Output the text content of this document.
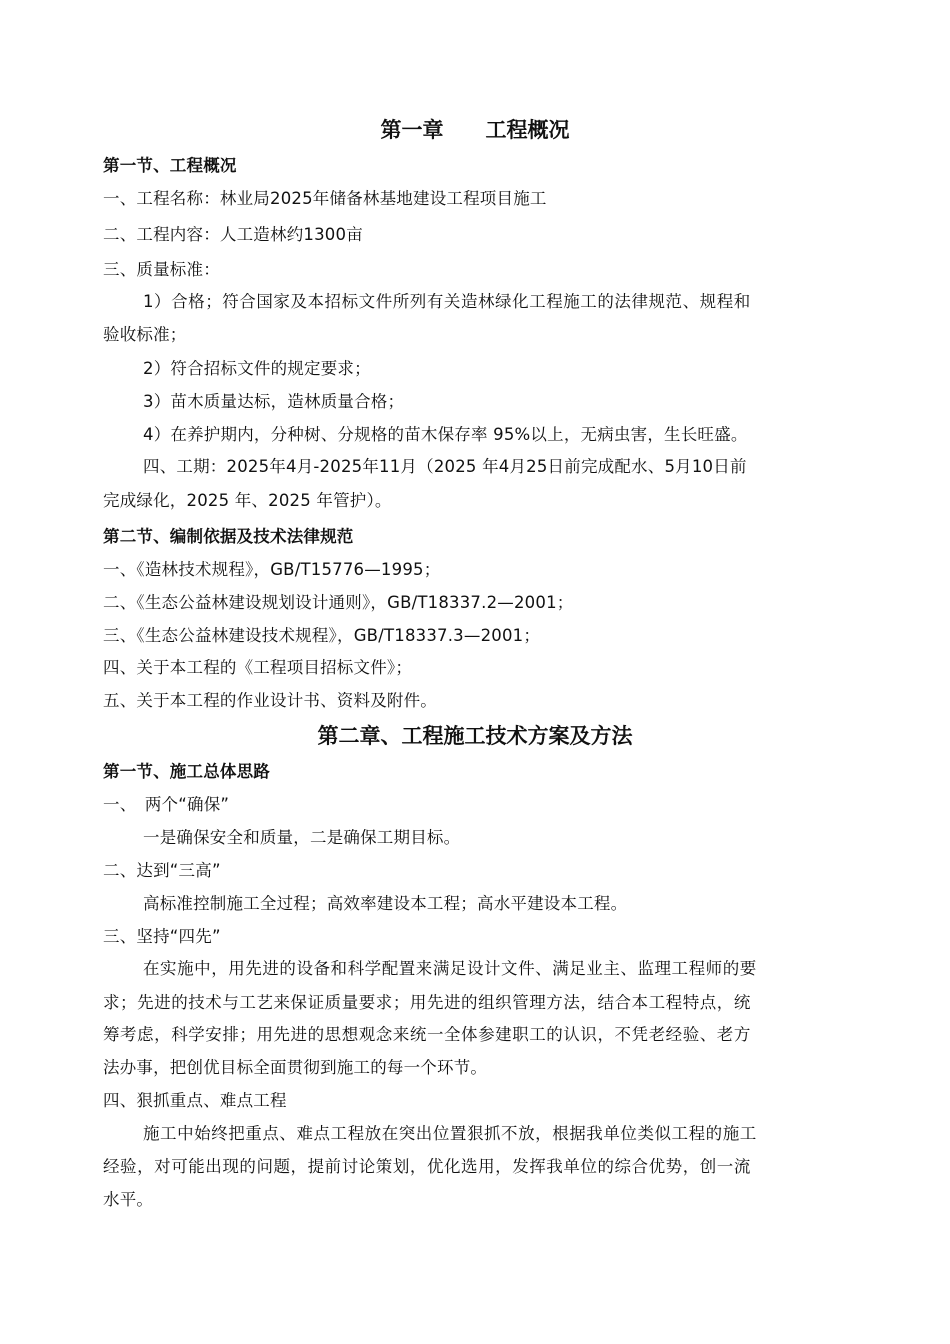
第一章　　工程概况
第一节、工程概况
一、工程名称：林业局2025年储备林基地建设工程项目施工
二、工程内容：人工造林约1300亩
三、质量标准：
1）合格；符合国家及本招标文件所列有关造林绿化工程施工的法律规范、规程和
验收标准；
2）符合招标文件的规定要求；
3）苗木质量达标，造林质量合格；
4）在养护期内，分种树、分规格的苗木保存率 95%以上，无病虫害，生长旺盛。
四、工期：2025年4月-2025年11月（2025 年4月25日前完成配水、5月10日前
完成绿化，2025 年、2025 年管护）。
第二节、编制依据及技术法律规范
一、《造林技术规程》，GB/T15776—1995；
二、《生态公益林建设规划设计通则》，GB/T18337.2—2001；
三、《生态公益林建设技术规程》，GB/T18337.3—2001；
四、关于本工程的《工程项目招标文件》；
五、关于本工程的作业设计书、资料及附件。
第二章、工程施工技术方案及方法
第一节、施工总体思路
一、　两个“确保”
一是确保安全和质量，二是确保工期目标。
二、达到“三高”
高标准控制施工全过程；高效率建设本工程；高水平建设本工程。
三、坚持“四先”
在实施中，用先进的设备和科学配置来满足设计文件、满足业主、监理工程师的要
求；先进的技术与工艺来保证质量要求；用先进的组织管理方法，结合本工程特点，统
筹考虑，科学安排；用先进的思想观念来统一全体参建职工的认识，不凭老经验、老方
法办事，把创优目标全面贯彻到施工的每一个环节。
四、狠抓重点、难点工程
施工中始终把重点、难点工程放在突出位置狠抓不放，根据我单位类似工程的施工
经验，对可能出现的问题，提前讨论策划，优化选用，发挥我单位的综合优势，创一流
水平。
